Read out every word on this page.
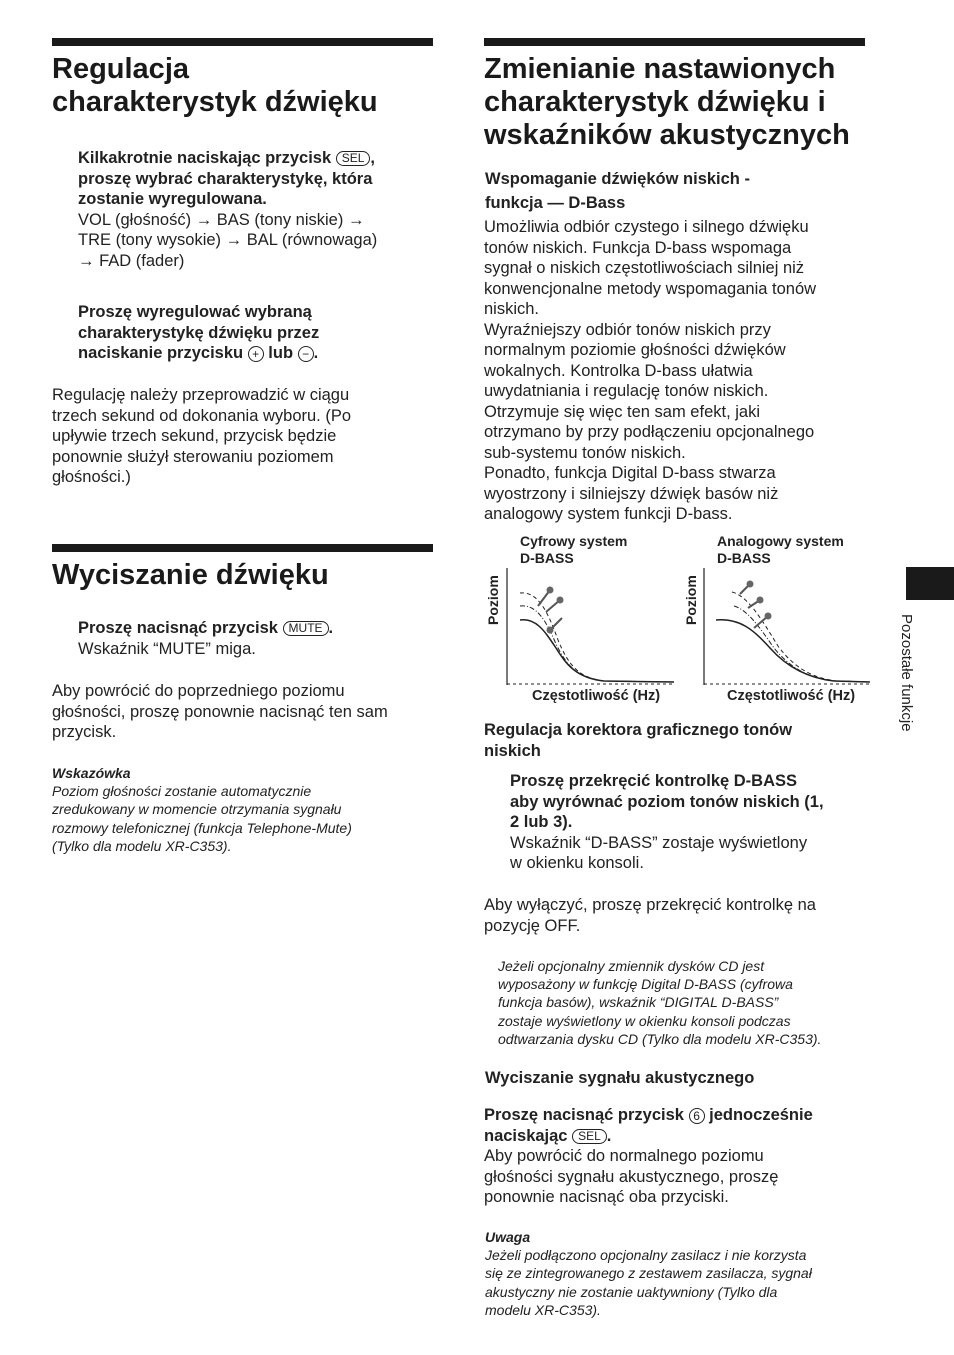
Regulacja
charakterystyk dźwięku
Kilkakrotnie naciskając przycisk SEL ,
proszę wybrać charakterystykę, która
zostanie wyregulowana.
VOL (głośność) → BAS (tony niskie) →
TRE (tony wysokie) → BAL (równowaga)
→ FAD (fader)
Proszę wyregulować wybraną
charakterystykę dźwięku przez
naciskanie przycisku + lub − .
Regulację należy przeprowadzić w ciągu
trzech sekund od dokonania wyboru. (Po
upływie trzech sekund, przycisk będzie
ponownie służył sterowaniu poziomem
głośności.)
Wyciszanie dźwięku
Proszę nacisnąć przycisk MUTE .
Wskaźnik “MUTE” miga.
Aby powrócić do poprzedniego poziomu
głośności, proszę ponownie nacisnąć ten sam
przycisk.
Wskazówka
Poziom głośności zostanie automatycznie
zredukowany w momencie otrzymania sygnału
rozmowy telefonicznej (funkcja Telephone-Mute)
(Tylko dla modelu XR-C353).
Zmienianie nastawionych
charakterystyk dźwięku i
wskaźników akustycznych
Wspomaganie dźwięków niskich -
funkcja — D-Bass
Umożliwia odbiór czystego i silnego dźwięku
tonów niskich. Funkcja D-bass wspomaga
sygnał o niskich częstotliwościach silniej niż
konwencjonalne metody wspomagania tonów
niskich.
Wyraźniejszy odbiór tonów niskich przy
normalnym poziomie głośności dźwięków
wokalnych. Kontrolka D-bass ułatwia
uwydatniania i regulację tonów niskich.
Otrzymuje się więc ten sam efekt, jaki
otrzymano by przy podłączeniu opcjonalnego
sub-systemu tonów niskich.
Ponadto, funkcja Digital D-bass stwarza
wyostrzony i silniejszy dźwięk basów niż
analogowy system funkcji D-bass.
Cyfrowy system
D-BASS
Analogowy system
D-BASS
Poziom	Poziom
Częstotliwość (Hz)	Częstotliwość (Hz)
Regulacja korektora graficznego tonów
niskich
Proszę przekręcić kontrolkę D-BASS
aby wyrównać poziom tonów niskich (1,
2 lub 3).
Wskaźnik “D-BASS” zostaje wyświetlony
w okienku konsoli.
Aby wyłączyć, proszę przekręcić kontrolkę na
pozycję OFF.
Jeżeli opcjonalny zmiennik dysków CD jest
wyposażony w funkcję Digital D-BASS (cyfrowa
funkcja basów), wskaźnik “DIGITAL D-BASS”
zostaje wyświetlony w okienku konsoli podczas
odtwarzania dysku CD (Tylko dla modelu XR-C353).
Wyciszanie sygnału akustycznego
Proszę nacisnąć przycisk 6 jednocześnie
naciskając SEL .
Aby powrócić do normalnego poziomu
głośności sygnału akustycznego, proszę
ponownie nacisnąć oba przyciski.
Uwaga
Jeżeli podłączono opcjonalny zasilacz i nie korzysta
się ze zintegrowanego z zestawem zasilacza, sygnał
akustyczny nie zostanie uaktywniony (Tylko dla
modelu XR-C353).
Pozostałe funkcje
